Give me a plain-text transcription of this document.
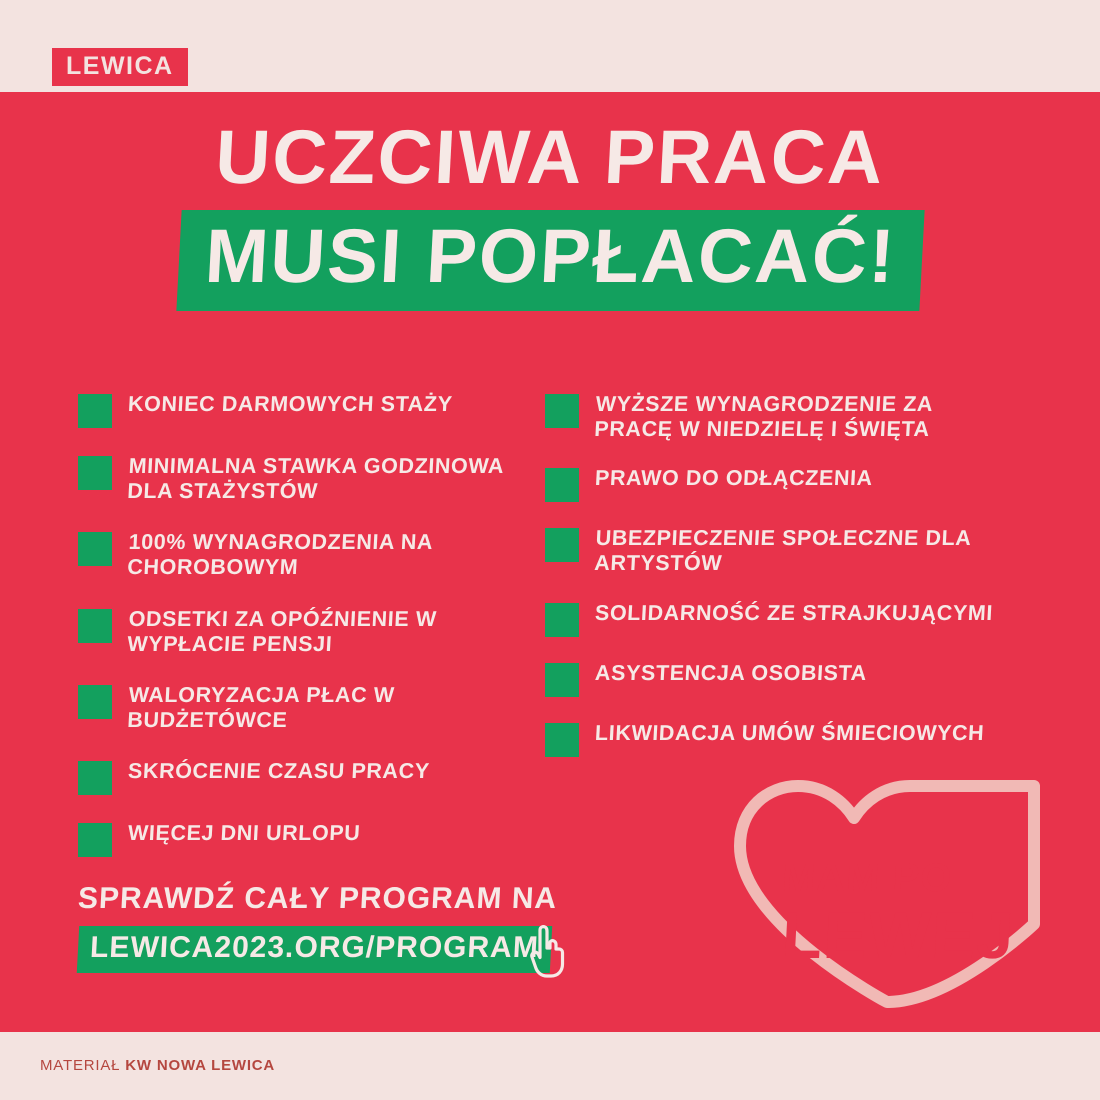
LEWICA
UCZCIWA PRACA
MUSI POPŁACAĆ!
KONIEC DARMOWYCH STAŻY
MINIMALNA STAWKA GODZINOWA DLA STAŻYSTÓW
100% WYNAGRODZENIA NA CHOROBOWYM
ODSETKI ZA OPÓŹNIENIE W WYPŁACIE PENSJI
WALORYZACJA PŁAC W BUDŻETÓWCE
SKRÓCENIE CZASU PRACY
WIĘCEJ DNI URLOPU
WYŻSZE WYNAGRODZENIE ZA PRACĘ W NIEDZIELĘ I ŚWIĘTA
PRAWO DO ODŁĄCZENIA
UBEZPIECZENIE SPOŁECZNE DLA ARTYSTÓW
SOLIDARNOŚĆ ZE STRAJKUJĄCYMI
ASYSTENCJA OSOBISTA
LIKWIDACJA UMÓW ŚMIECIOWYCH
SPRAWDŹ CAŁY PROGRAM NA
LEWICA2023.ORG/PROGRAM
MAM PO
LEWEJ
MATERIAŁ KW NOWA LEWICA
